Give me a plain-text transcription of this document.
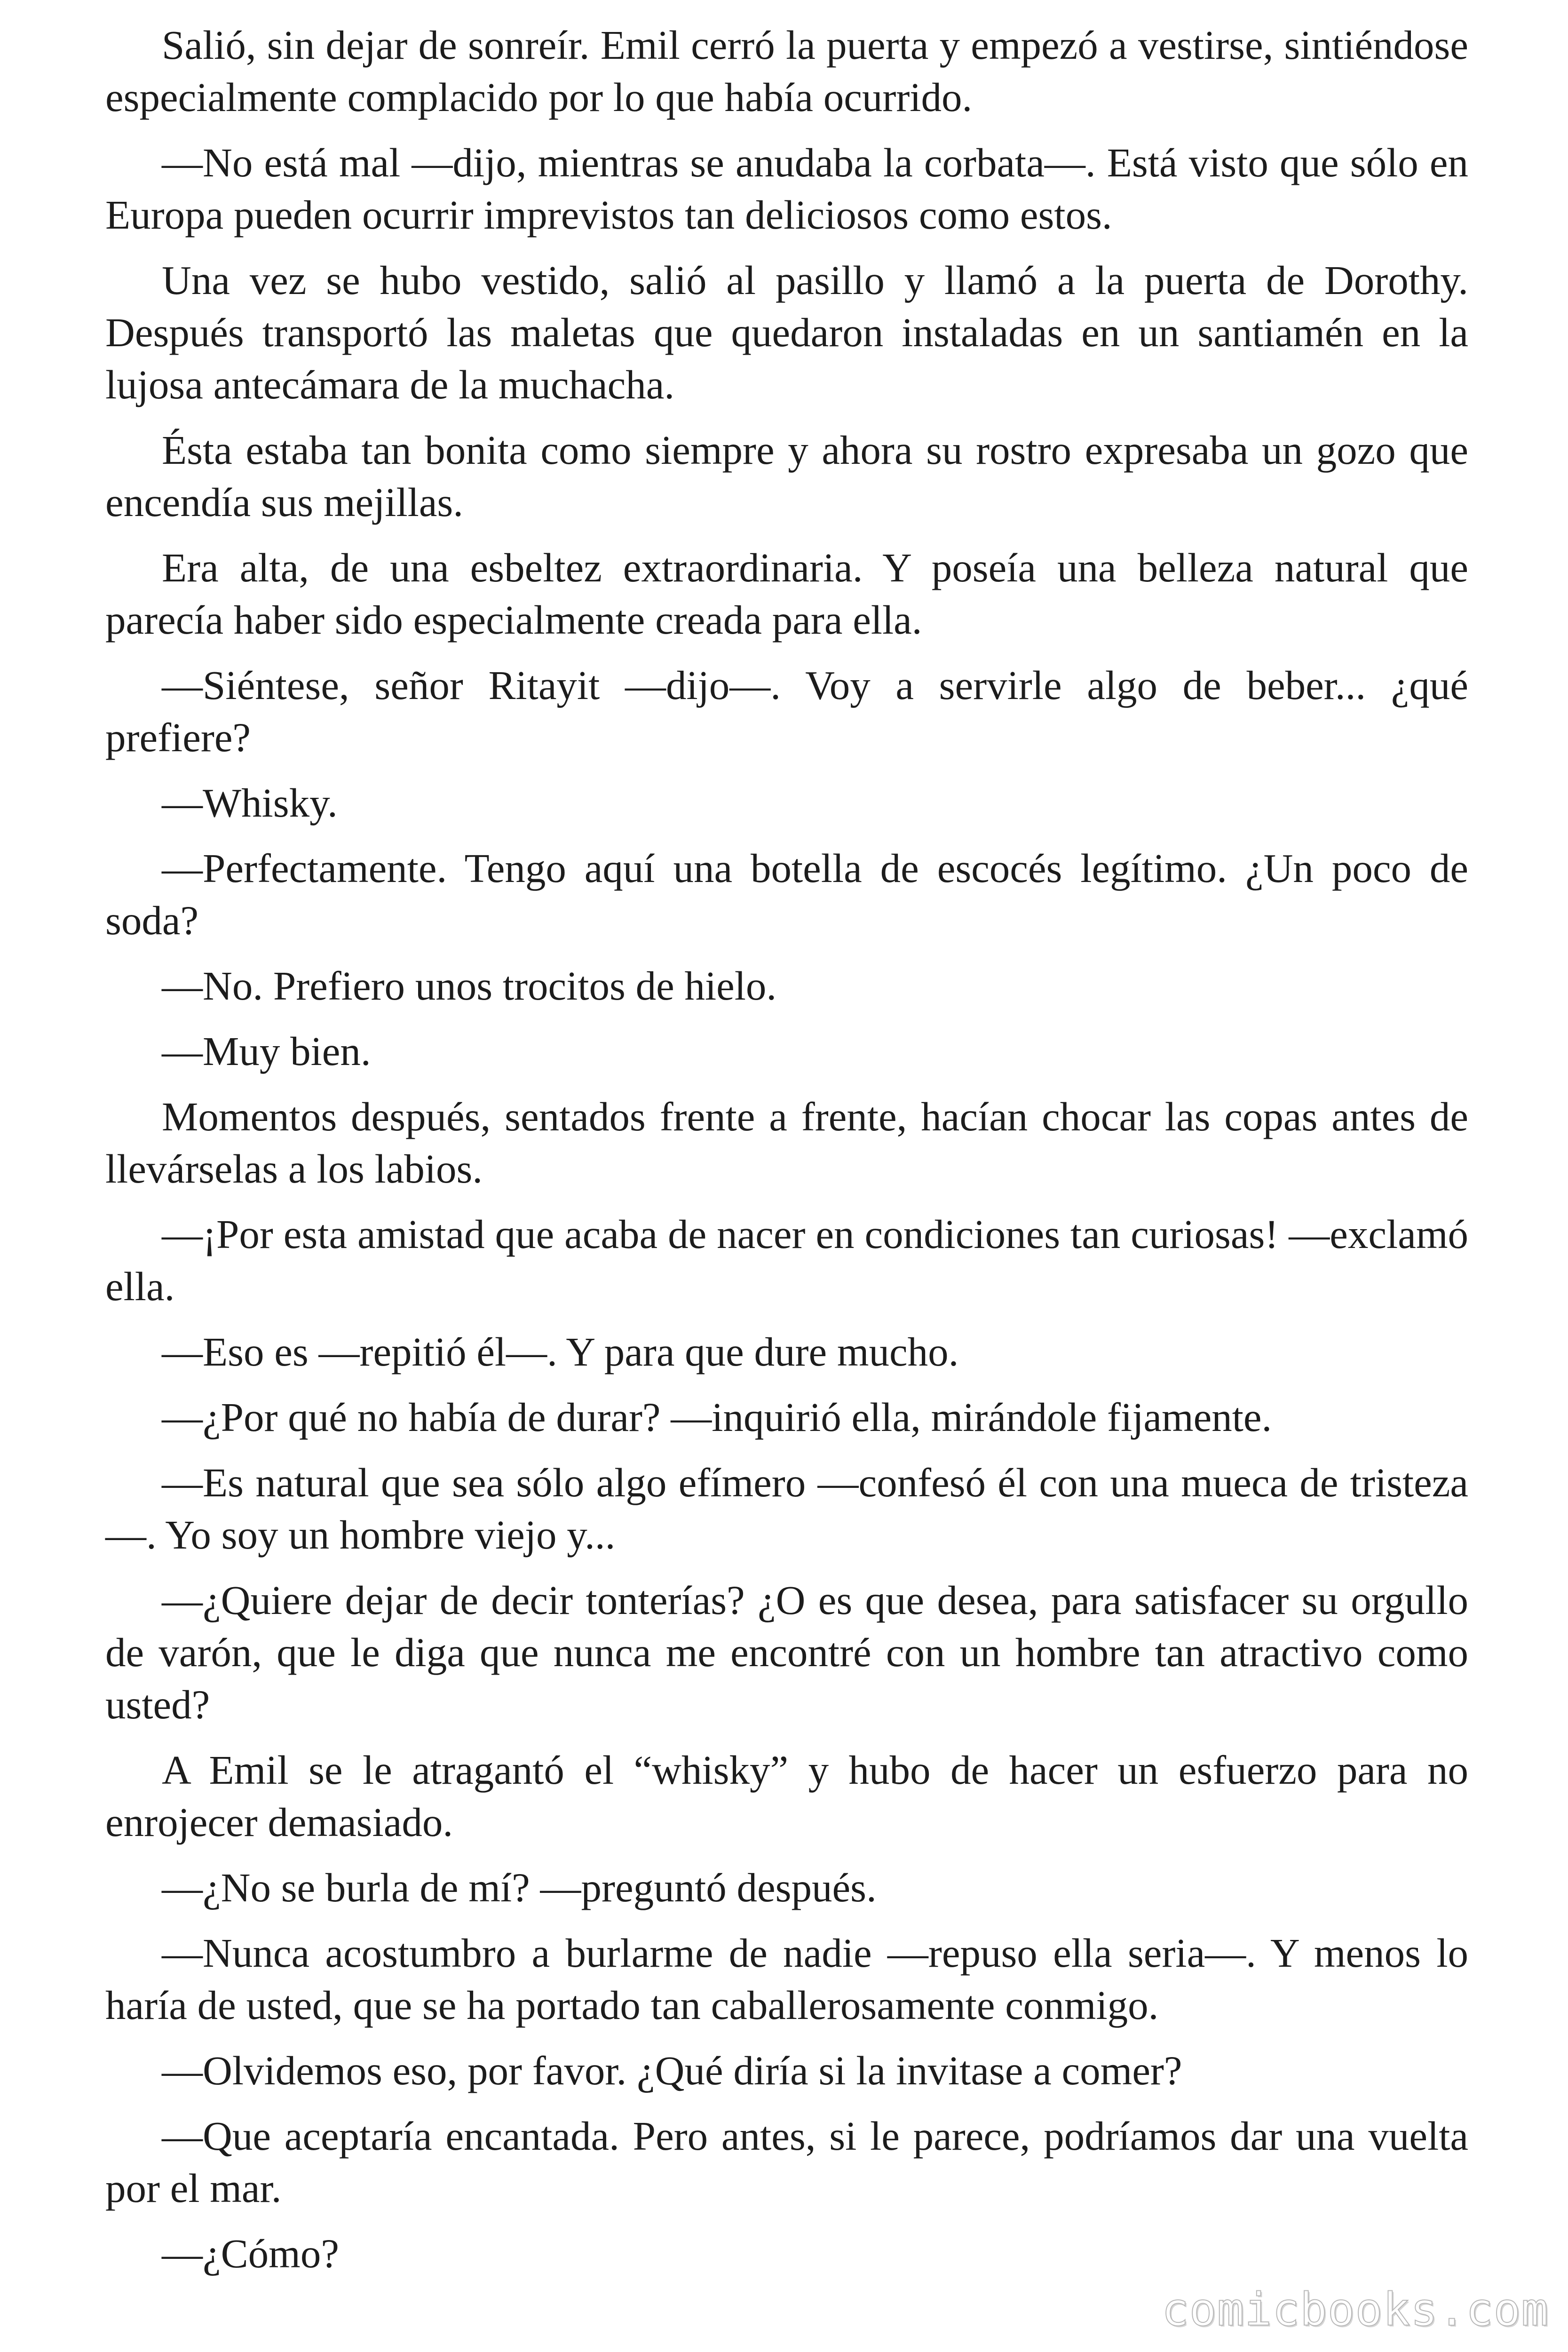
Salió, sin dejar de sonreír. Emil cerró la puerta y empezó a vestirse, sintiéndose especialmente complacido por lo que había ocurrido.

—No está mal —dijo, mientras se anudaba la corbata—. Está visto que sólo en Europa pueden ocurrir imprevistos tan deliciosos como estos.

Una vez se hubo vestido, salió al pasillo y llamó a la puerta de Dorothy. Después transportó las maletas que quedaron instaladas en un santiamén en la lujosa antecámara de la muchacha.

Ésta estaba tan bonita como siempre y ahora su rostro expresaba un gozo que encendía sus mejillas.

Era alta, de una esbeltez extraordinaria. Y poseía una belleza natural que parecía haber sido especialmente creada para ella.

—Siéntese, señor Ritayit —dijo—. Voy a servirle algo de beber... ¿qué prefiere?

—Whisky.

—Perfectamente. Tengo aquí una botella de escocés legítimo. ¿Un poco de soda?

—No. Prefiero unos trocitos de hielo.

—Muy bien.

Momentos después, sentados frente a frente, hacían chocar las copas antes de llevárselas a los labios.

—¡Por esta amistad que acaba de nacer en condiciones tan curiosas! —exclamó ella.

—Eso es —repitió él—. Y para que dure mucho.

—¿Por qué no había de durar? —inquirió ella, mirándole fijamente.

—Es natural que sea sólo algo efímero —confesó él con una mueca de tristeza—. Yo soy un hombre viejo y...

—¿Quiere dejar de decir tonterías? ¿O es que desea, para satisfacer su orgullo de varón, que le diga que nunca me encontré con un hombre tan atractivo como usted?

A Emil se le atragantó el “whisky” y hubo de hacer un esfuerzo para no enrojecer demasiado.

—¿No se burla de mí? —preguntó después.

—Nunca acostumbro a burlarme de nadie —repuso ella seria—. Y menos lo haría de usted, que se ha portado tan caballerosamente conmigo.

—Olvidemos eso, por favor. ¿Qué diría si la invitase a comer?

—Que aceptaría encantada. Pero antes, si le parece, podríamos dar una vuelta por el mar.

—¿Cómo?

comicbooks.com
